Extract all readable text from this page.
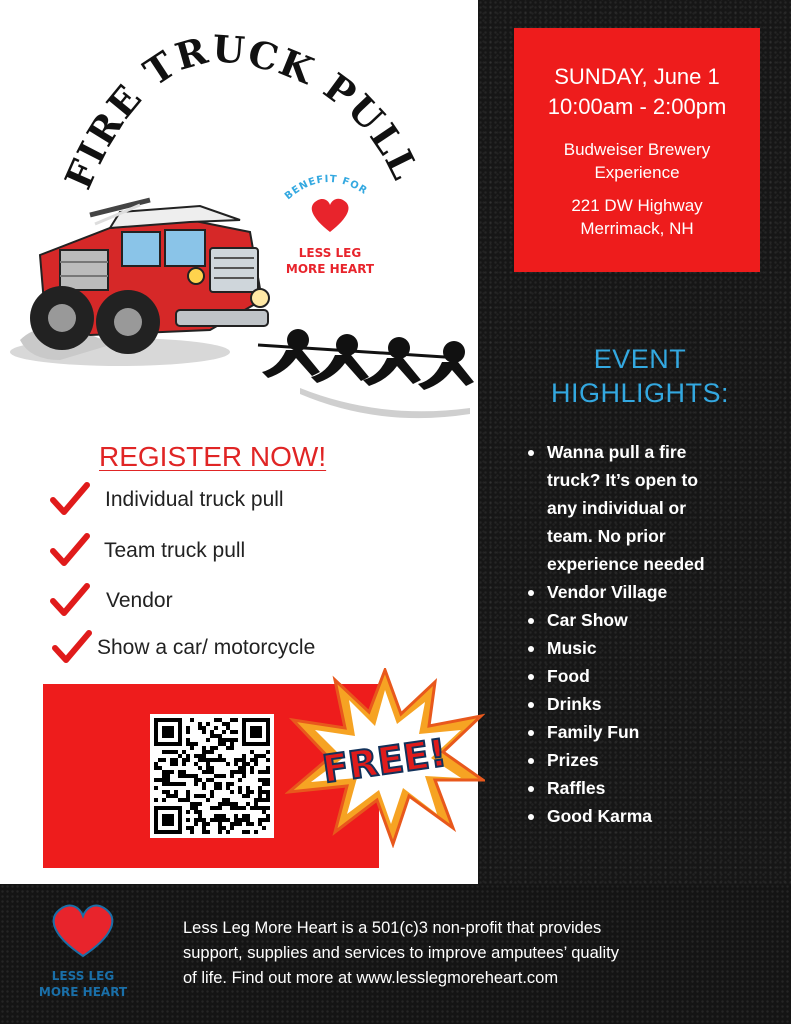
FIRE TRUCK PULL
BENEFIT FOR
LESS LEG
MORE HEART
SUNDAY, June 1
10:00am - 2:00pm
Budweiser Brewery
Experience
221 DW Highway
Merrimack, NH
EVENT
HIGHLIGHTS:
Wanna pull a fire
truck? It’s open to
any individual or
team. No prior
experience needed
Vendor Village
Car Show
Music
Food
Drinks
Family Fun
Prizes
Raffles
Good Karma
REGISTER NOW!
Individual truck pull
Team truck pull
Vendor
Show a car/ motorcycle
FREE!
LESS LEG
MORE HEART
Less Leg More Heart is a 501(c)3 non-profit that provides
support, supplies and services to improve amputees’ quality
of life. Find out more at www.lesslegmoreheart.com
